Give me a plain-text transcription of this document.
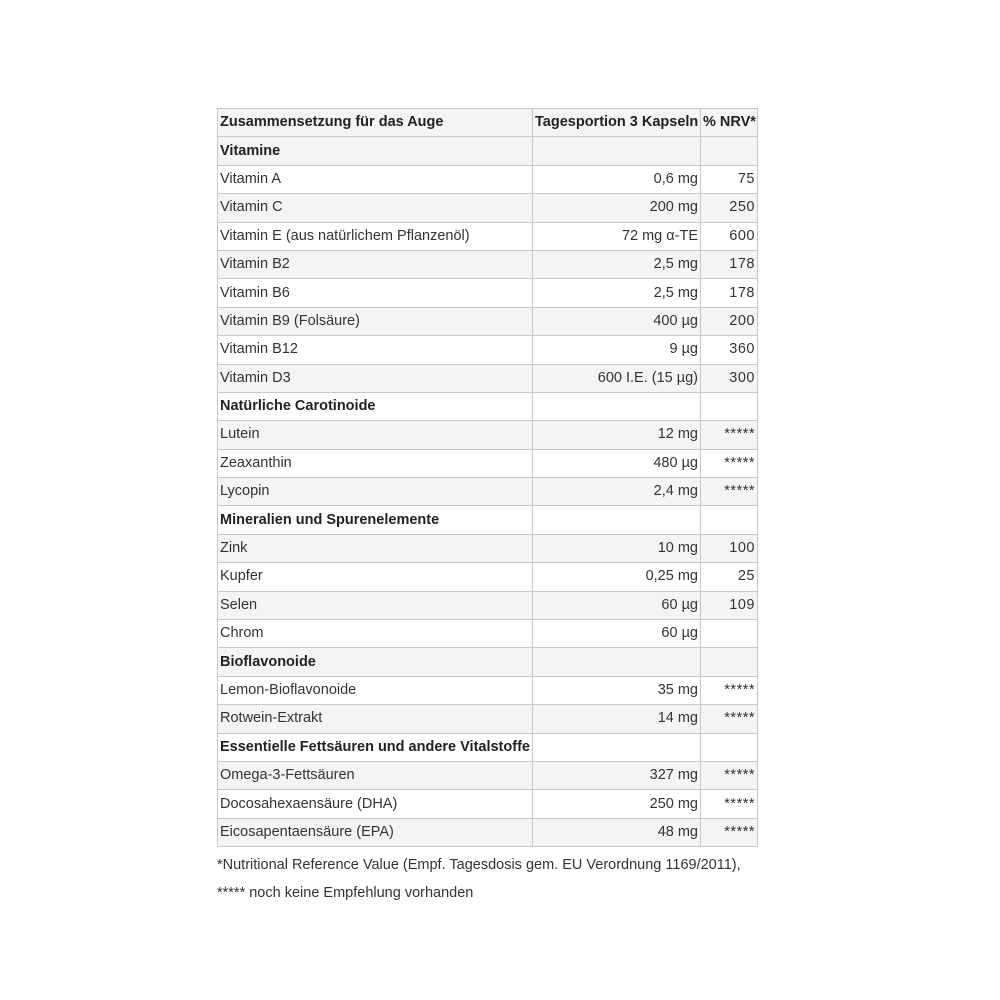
Zusammensetzung für das Auge	Tagesportion 3 Kapseln	% NRV*
Vitamine		
Vitamin A	0,6 mg	75
Vitamin C	200 mg	250
Vitamin E (aus natürlichem Pflanzenöl)	72 mg α-TE	600
Vitamin B2	2,5 mg	178
Vitamin B6	2,5 mg	178
Vitamin B9 (Folsäure)	400 µg	200
Vitamin B12	9 µg	360
Vitamin D3	600 I.E. (15 µg)	300
Natürliche Carotinoide		
Lutein	12 mg	*****
Zeaxanthin	480 µg	*****
Lycopin	2,4 mg	*****
Mineralien und Spurenelemente		
Zink	10 mg	100
Kupfer	0,25 mg	25
Selen	60 µg	109
Chrom	60 µg	
Bioflavonoide		
Lemon-Bioflavonoide	35 mg	*****
Rotwein-Extrakt	14 mg	*****
Essentielle Fettsäuren und andere Vitalstoffe		
Omega-3-Fettsäuren	327 mg	*****
Docosahexaensäure (DHA)	250 mg	*****
Eicosapentaensäure (EPA)	48 mg	*****
*Nutritional Reference Value (Empf. Tagesdosis gem. EU Verordnung 1169/2011),
***** noch keine Empfehlung vorhanden
